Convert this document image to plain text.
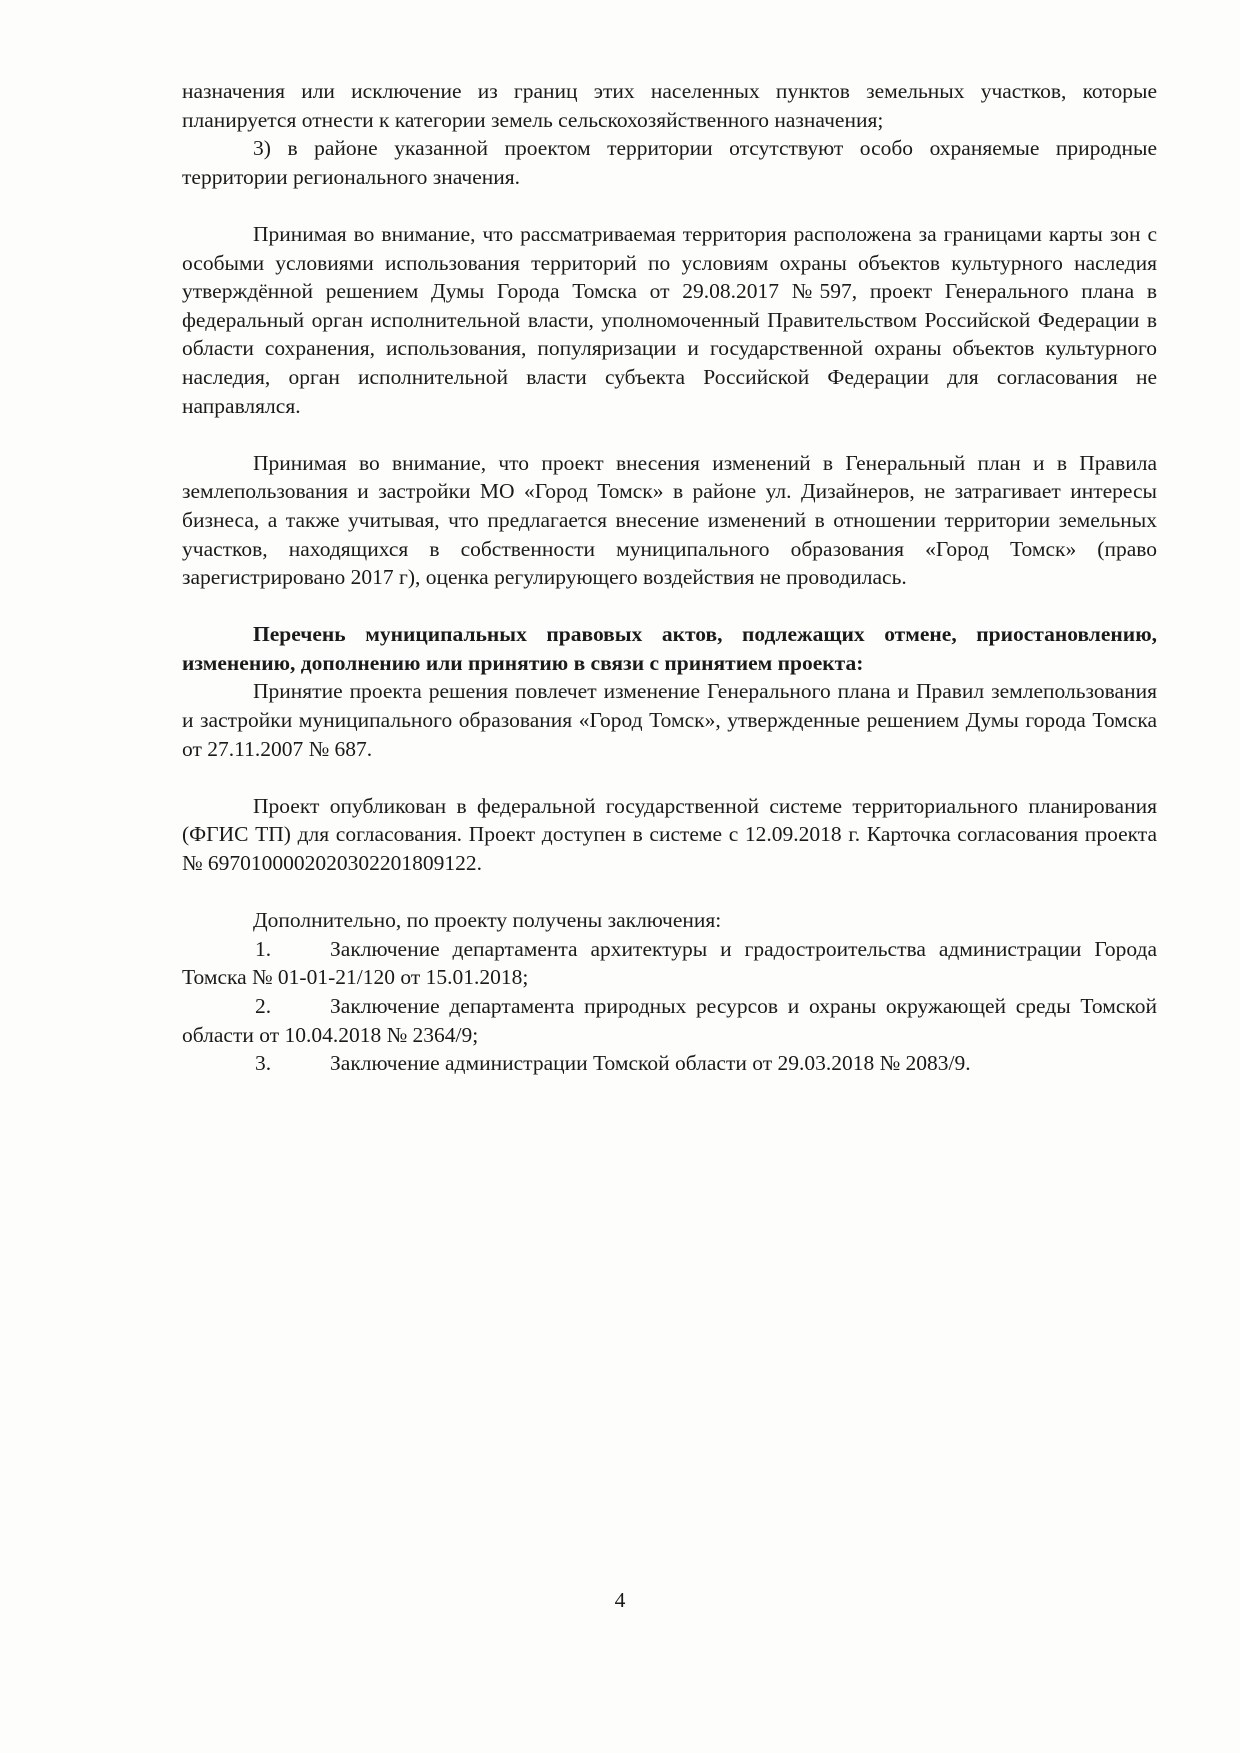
назначения или исключение из границ этих населенных пунктов земельных участков, которые планируется отнести к категории земель сельскохозяйственного назначения;

3) в районе указанной проектом территории отсутствуют особо охраняемые природные территории регионального значения.

Принимая во внимание, что рассматриваемая территория расположена за границами карты зон с особыми условиями использования территорий по условиям охраны объектов культурного наследия утверждённой решением Думы Города Томска от 29.08.2017 №597, проект Генерального плана в федеральный орган исполнительной власти, уполномоченный Правительством Российской Федерации в области сохранения, использования, популяризации и государственной охраны объектов культурного наследия, орган исполнительной власти субъекта Российской Федерации для согласования не направлялся.

Принимая во внимание, что проект внесения изменений в Генеральный план и в Правила землепользования и застройки МО «Город Томск» в районе ул. Дизайнеров, не затрагивает интересы бизнеса, а также учитывая, что предлагается внесение изменений в отношении территории земельных участков, находящихся в собственности муниципального образования «Город Томск» (право зарегистрировано 2017 г), оценка регулирующего воздействия не проводилась.

Перечень муниципальных правовых актов, подлежащих отмене, приостановлению, изменению, дополнению или принятию в связи с принятием проекта:

Принятие проекта решения повлечет изменение Генерального плана и Правил землепользования и застройки муниципального образования «Город Томск», утвержденные решением Думы города Томска от 27.11.2007 № 687.

Проект опубликован в федеральной государственной системе территориального планирования (ФГИС ТП) для согласования. Проект доступен в системе с 12.09.2018 г. Карточка согласования проекта № 6970100002020302201809122.

Дополнительно, по проекту получены заключения:

1.	Заключение департамента архитектуры и градостроительства администрации Города Томска № 01-01-21/120 от 15.01.2018;

2.	Заключение департамента природных ресурсов и охраны окружающей среды Томской области от 10.04.2018 № 2364/9;

3.	Заключение администрации Томской области от 29.03.2018 № 2083/9.

4
